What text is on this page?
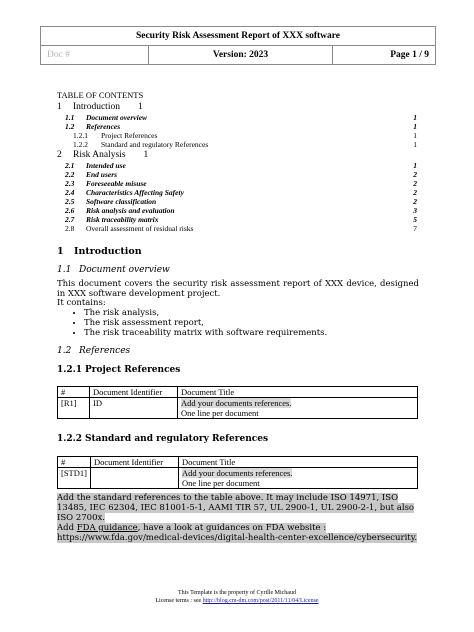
Security Risk Assessment Report of XXX software
Doc #	Version: 2023	Page 1 / 9
TABLE OF CONTENTS
1 Introduction 1
1.1 Document overview	1
1.2 References	1
1.2.1 Project References	1
1.2.2 Standard and regulatory References	1
2 Risk Analysis 1
2.1 Intended use	1
2.2 End users	2
2.3 Foreseeable misuse	2
2.4 Characteristics Affecting Safety	2
2.5 Software classification	2
2.6 Risk analysis and evaluation	3
2.7 Risk traceability matrix	5
2.8 Overall assessment of residual risks	7
1 Introduction
1.1 Document overview
This document covers the security risk assessment report of XXX device, designed in XXX software development project.
It contains:
• The risk analysis,
• The risk assessment report,
• The risk traceability matrix with software requirements.
1.2 References
1.2.1 Project References
#	Document Identifier	Document Title
[R1]	ID	Add your documents references.
One line per document
1.2.2 Standard and regulatory References
#	Document Identifier	Document Title
[STD1]		Add your documents references.
One line per document
Add the standard references to the table above. It may include ISO 14971, ISO 13485, IEC 62304, IEC 81001-5-1, AAMI TIR 57, UL 2900-1, UL 2900-2-1, but also ISO 2700x.
Add FDA guidance, have a look at guidances on FDA website : https://www.fda.gov/medical-devices/digital-health-center-excellence/cybersecurity.
This Template is the property of Cyrille Michaud
License terms : see http://blog.cm-dm.com/post/2011/11/04/License
